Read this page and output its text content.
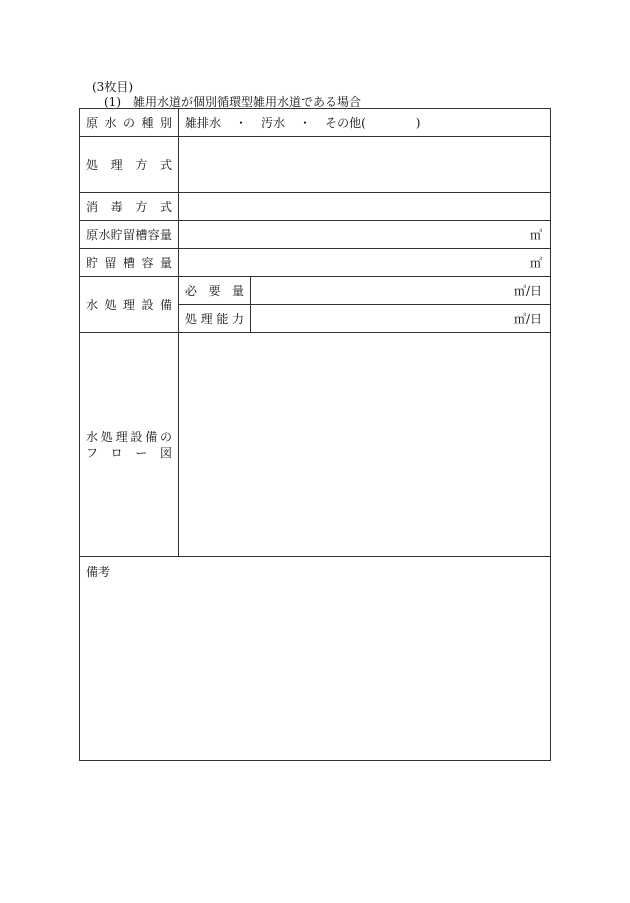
(3枚目)
(1) 雑用水道が個別循環型雑用水道である場合
原水の種別	雑排水 ・ 汚水 ・ その他( )	
処理方式		
消毒方式		
原水貯留槽容量	㎥	
貯留槽容量	㎥	
水処理設備	必要量	㎥/日
	処理能力	㎥/日

水処理設備の
フロー図		

備考		
